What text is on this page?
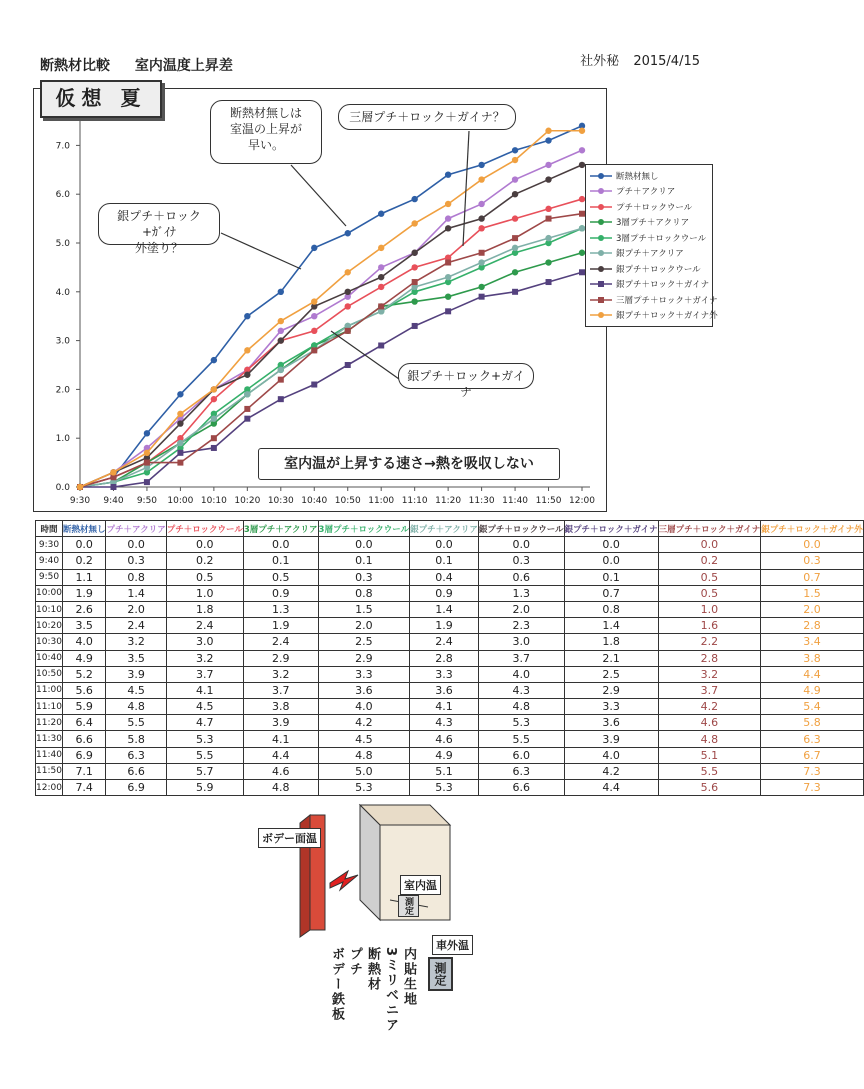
断熱材比較 室内温度上昇差	社外秘 2015/4/15
0.0
1.0
2.0
3.0
4.0
5.0
6.0
7.0
9:30 9:40 9:50 10:00 10:10 10:20 10:30 10:40 10:50 11:00 11:10 11:20 11:30 11:40 11:50 12:00
仮想 夏
断熱材無しは
室温の上昇が
早い。
三層プチ＋ロック＋ガイナ？
銀プチ＋ロック+ｶﾞｲﾅ
外塗り？
銀プチ＋ロック+ガイナ
室内温が上昇する速さ→熱を吸収しない
断熱材無し
プチ＋アクリア
プチ＋ロックウール
3層プチ＋アクリア
3層プチ＋ロックウール
銀プチ＋アクリア
銀プチ＋ロックウール
銀プチ＋ロック＋ガイナ
三層プチ＋ロック＋ガイナ
銀プチ＋ロック＋ガイナ外
時間	断熱材無し	プチ＋アクリア	プチ＋ロックウール	3層プチ＋アクリア	3層プチ＋ロックウール	銀プチ＋アクリア	銀プチ＋ロックウール	銀プチ＋ロック＋ガイナ	三層プチ＋ロック＋ガイナ	銀プチ＋ロック＋ガイナ外
9:30	0.0	0.0	0.0	0.0	0.0	0.0	0.0	0.0	0.0	0.0
9:40	0.2	0.3	0.2	0.1	0.1	0.1	0.3	0.0	0.2	0.3
9:50	1.1	0.8	0.5	0.5	0.3	0.4	0.6	0.1	0.5	0.7
10:00	1.9	1.4	1.0	0.9	0.8	0.9	1.3	0.7	0.5	1.5
10:10	2.6	2.0	1.8	1.3	1.5	1.4	2.0	0.8	1.0	2.0
10:20	3.5	2.4	2.4	1.9	2.0	1.9	2.3	1.4	1.6	2.8
10:30	4.0	3.2	3.0	2.4	2.5	2.4	3.0	1.8	2.2	3.4
10:40	4.9	3.5	3.2	2.9	2.9	2.8	3.7	2.1	2.8	3.8
10:50	5.2	3.9	3.7	3.2	3.3	3.3	4.0	2.5	3.2	4.4
11:00	5.6	4.5	4.1	3.7	3.6	3.6	4.3	2.9	3.7	4.9
11:10	5.9	4.8	4.5	3.8	4.0	4.1	4.8	3.3	4.2	5.4
11:20	6.4	5.5	4.7	3.9	4.2	4.3	5.3	3.6	4.6	5.8
11:30	6.6	5.8	5.3	4.1	4.5	4.6	5.5	3.9	4.8	6.3
11:40	6.9	6.3	5.5	4.4	4.8	4.9	6.0	4.0	5.1	6.7
11:50	7.1	6.6	5.7	4.6	5.0	5.1	6.3	4.2	5.5	7.3
12:00	7.4	6.9	5.9	4.8	5.3	5.3	6.6	4.4	5.6	7.3
ボデー面温
室内温
測定
車外温
測定
ボデー鉄板 プチ 断熱材 3ミリベニア 内貼生地
